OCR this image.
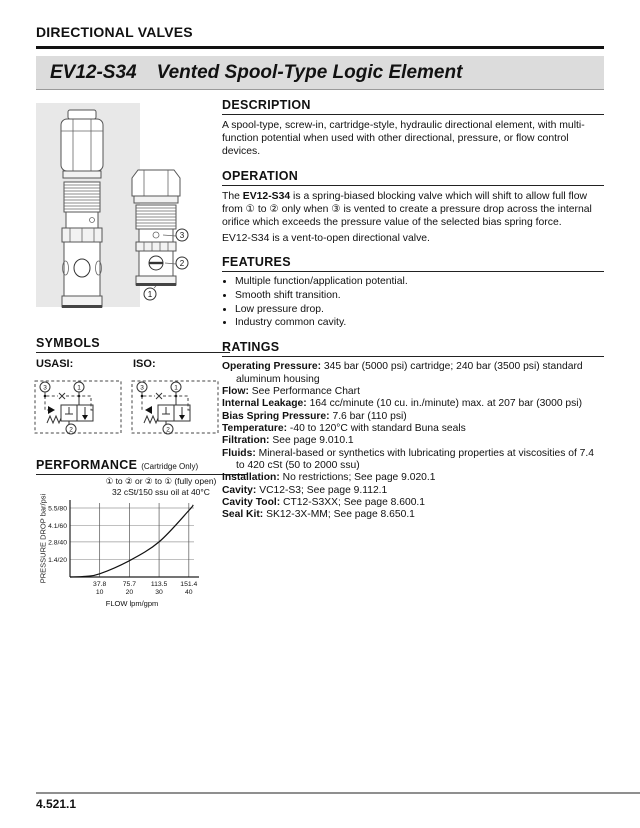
DIRECTIONAL VALVES
EV12-S34 Vented Spool-Type Logic Element
3
2
1
SYMBOLS
USASI:	ISO:
3	1
2
3	1
2
PERFORMANCE (Cartridge Only)
① to ② or ② to ① (fully open)
32 cSt/150 ssu oil at 40°C
PRESSURE DROP bar/psi 1.4/20
2.8/40
4.1/60
5.5/80
37.8
10
75.7
20
113.5
30
151.4
40
FLOW lpm/gpm
DESCRIPTION

A spool-type, screw-in, cartridge-style, hydraulic directional element, with multi-function potential when used with other directional, pressure, or flow control devices.

OPERATION

The EV12-S34 is a spring-biased blocking valve which will shift to allow full flow from ① to ② only when ③ is vented to create a pressure drop across the internal orifice which exceeds the pressure value of the selected bias spring force.

EV12-S34 is a vent-to-open directional valve.

FEATURES
• Multiple function/application potential.
• Smooth shift transition.
• Low pressure drop.
• Industry common cavity.
RATINGS

Operating Pressure: 345 bar (5000 psi) cartridge; 240 bar (3500 psi) standard aluminum housing

Flow: See Performance Chart

Internal Leakage: 164 cc/minute (10 cu. in./minute) max. at 207 bar (3000 psi)

Bias Spring Pressure: 7.6 bar (110 psi)

Temperature: -40 to 120°C with standard Buna seals

Filtration: See page 9.010.1

Fluids: Mineral-based or synthetics with lubricating properties at viscosities of 7.4 to 420 cSt (50 to 2000 ssu)

Installation: No restrictions; See page 9.020.1

Cavity: VC12-S3; See page 9.112.1

Cavity Tool: CT12-S3XX; See page 8.600.1

Seal Kit: SK12-3X-MM; See page 8.650.1

4.521.1
